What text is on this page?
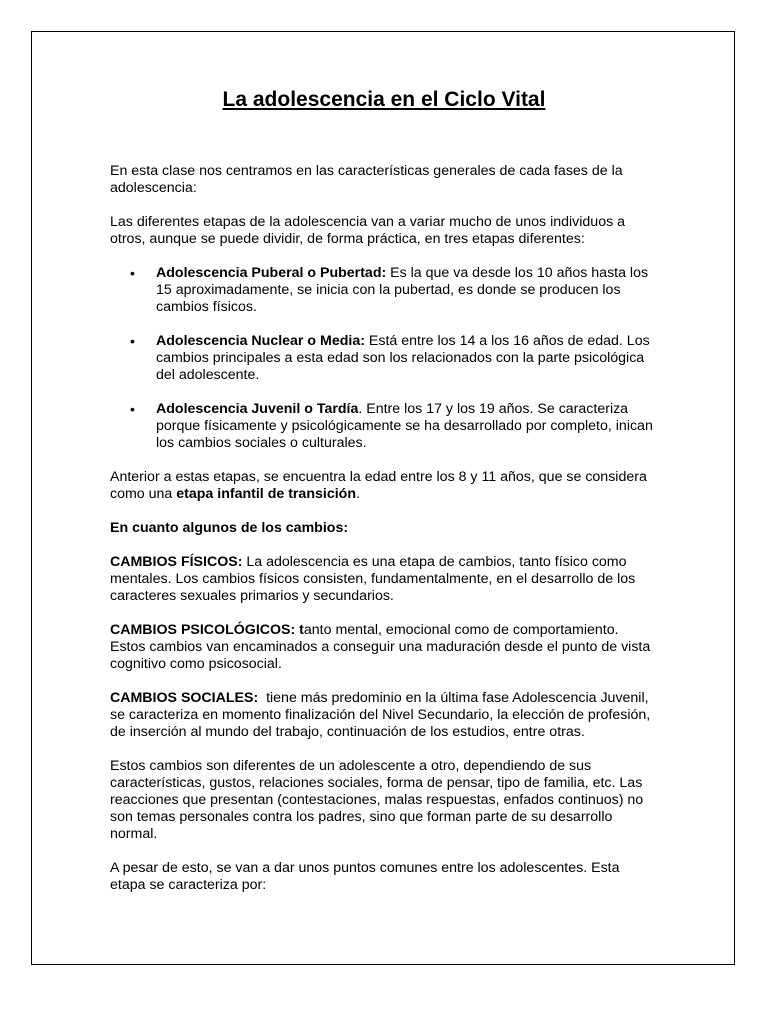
La adolescencia en el Ciclo Vital

En esta clase nos centramos en las características generales de cada fases de la adolescencia:

Las diferentes etapas de la adolescencia van a variar mucho de unos individuos a otros, aunque se puede dividir, de forma práctica, en tres etapas diferentes:

• Adolescencia Puberal o Pubertad: Es la que va desde los 10 años hasta los 15 aproximadamente, se inicia con la pubertad, es donde se producen los cambios físicos.
• Adolescencia Nuclear o Media: Está entre los 14 a los 16 años de edad. Los cambios principales a esta edad son los relacionados con la parte psicológica del adolescente.
• Adolescencia Juvenil o Tardía. Entre los 17 y los 19 años. Se caracteriza porque físicamente y psicológicamente se ha desarrollado por completo, inican los cambios sociales o culturales.

Anterior a estas etapas, se encuentra la edad entre los 8 y 11 años, que se considera como una etapa infantil de transición.

En cuanto algunos de los cambios:

CAMBIOS FÍSICOS: La adolescencia es una etapa de cambios, tanto físico como mentales. Los cambios físicos consisten, fundamentalmente, en el desarrollo de los caracteres sexuales primarios y secundarios.

CAMBIOS PSICOLÓGICOS: tanto mental, emocional como de comportamiento. Estos cambios van encaminados a conseguir una maduración desde el punto de vista cognitivo como psicosocial.

CAMBIOS SOCIALES:  tiene más predominio en la última fase Adolescencia Juvenil, se caracteriza en momento finalización del Nivel Secundario, la elección de profesión,  de inserción al mundo del trabajo, continuación de los estudios, entre otras.

Estos cambios son diferentes de un adolescente a otro, dependiendo de sus características, gustos, relaciones sociales, forma de pensar, tipo de familia, etc. Las reacciones que presentan (contestaciones, malas respuestas, enfados continuos) no son temas personales contra los padres, sino que forman parte de su desarrollo normal.

A pesar de esto, se van a dar unos puntos comunes entre los adolescentes. Esta etapa se caracteriza por:
